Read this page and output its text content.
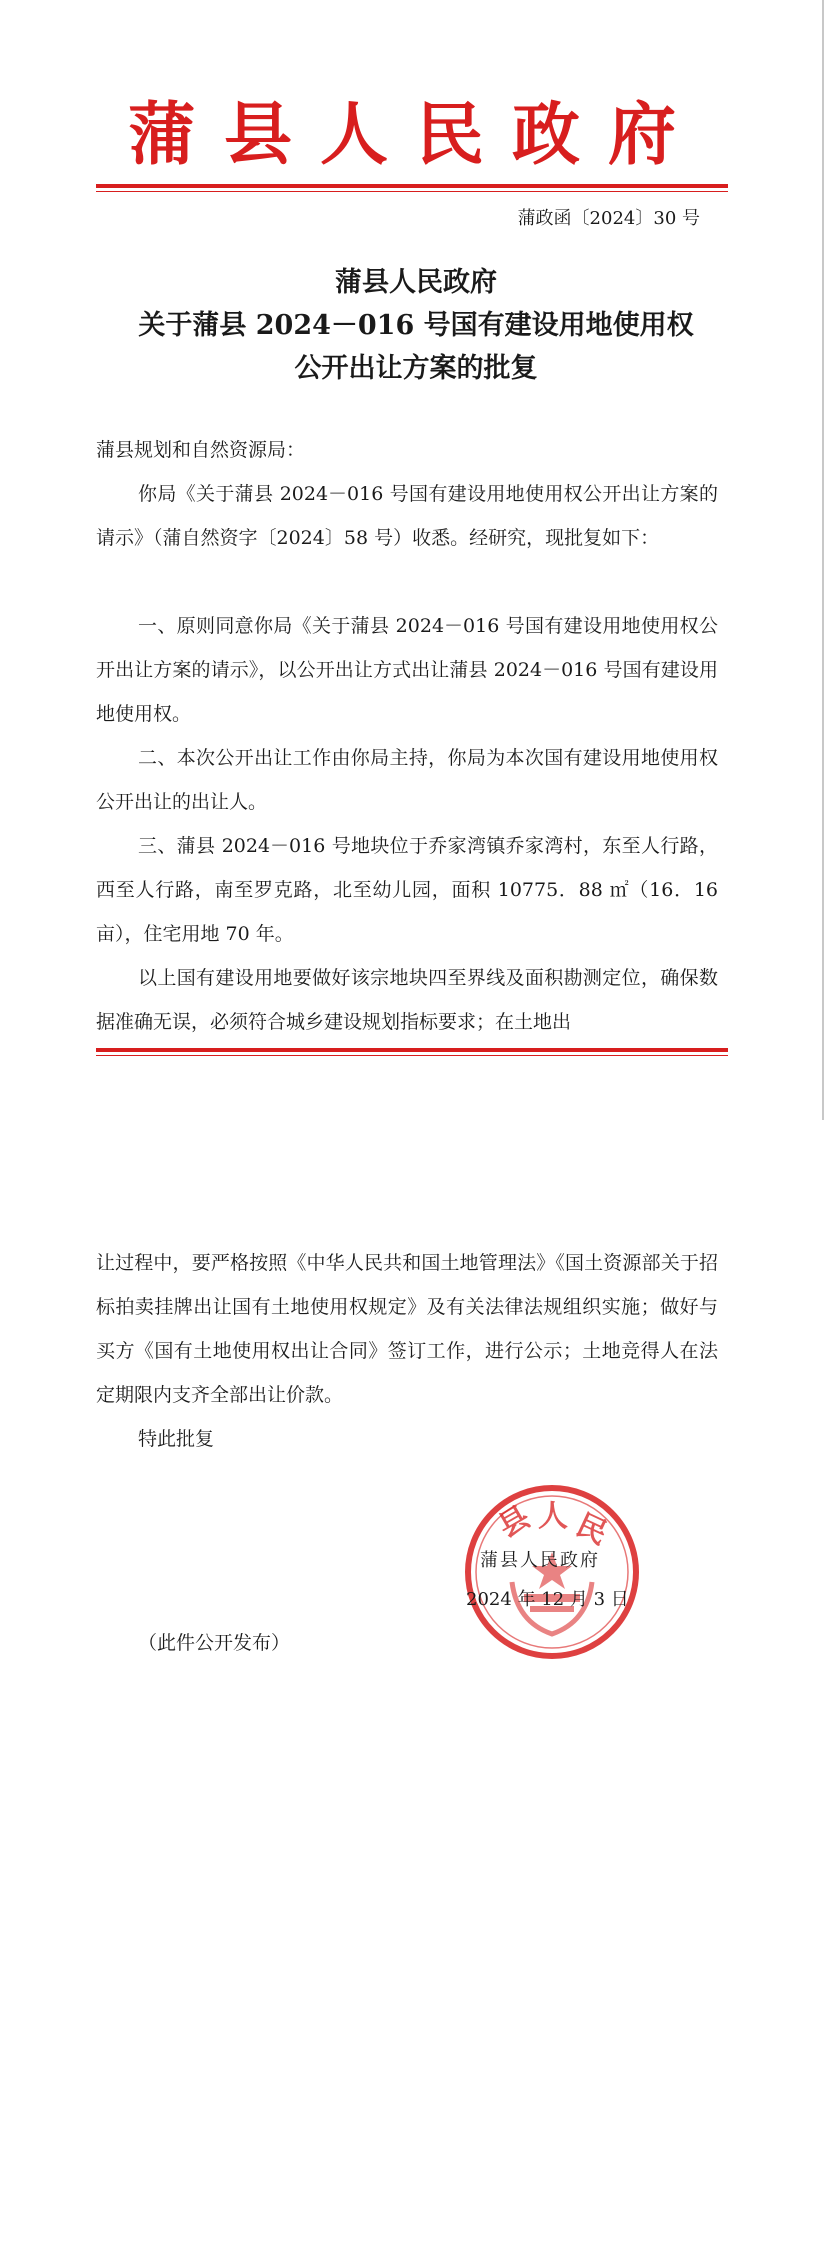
蒲县人民政府
蒲政函〔2024〕30 号
蒲县人民政府
关于蒲县 2024－016 号国有建设用地使用权
公开出让方案的批复
蒲县规划和自然资源局：
你局《关于蒲县 2024－016 号国有建设用地使用权公开出让方案的请示》（蒲自然资字〔2024〕58 号）收悉。经研究，现批复如下：
一、原则同意你局《关于蒲县 2024－016 号国有建设用地使用权公开出让方案的请示》，以公开出让方式出让蒲县 2024－016 号国有建设用地使用权。
二、本次公开出让工作由你局主持，你局为本次国有建设用地使用权公开出让的出让人。
三、蒲县 2024－016 号地块位于乔家湾镇乔家湾村，东至人行路，西至人行路，南至罗克路，北至幼儿园，面积 10775．88 ㎡（16．16 亩），住宅用地 70 年。
以上国有建设用地要做好该宗地块四至界线及面积勘测定位，确保数据准确无误，必须符合城乡建设规划指标要求；在土地出
让过程中，要严格按照《中华人民共和国土地管理法》《国土资源部关于招标拍卖挂牌出让国有土地使用权规定》及有关法律法规组织实施；做好与买方《国有土地使用权出让合同》签订工作，进行公示；土地竞得人在法定期限内支齐全部出让价款。
特此批复
县 人 民
蒲县人民政府
2024 年 12 月 3 日
（此件公开发布）
